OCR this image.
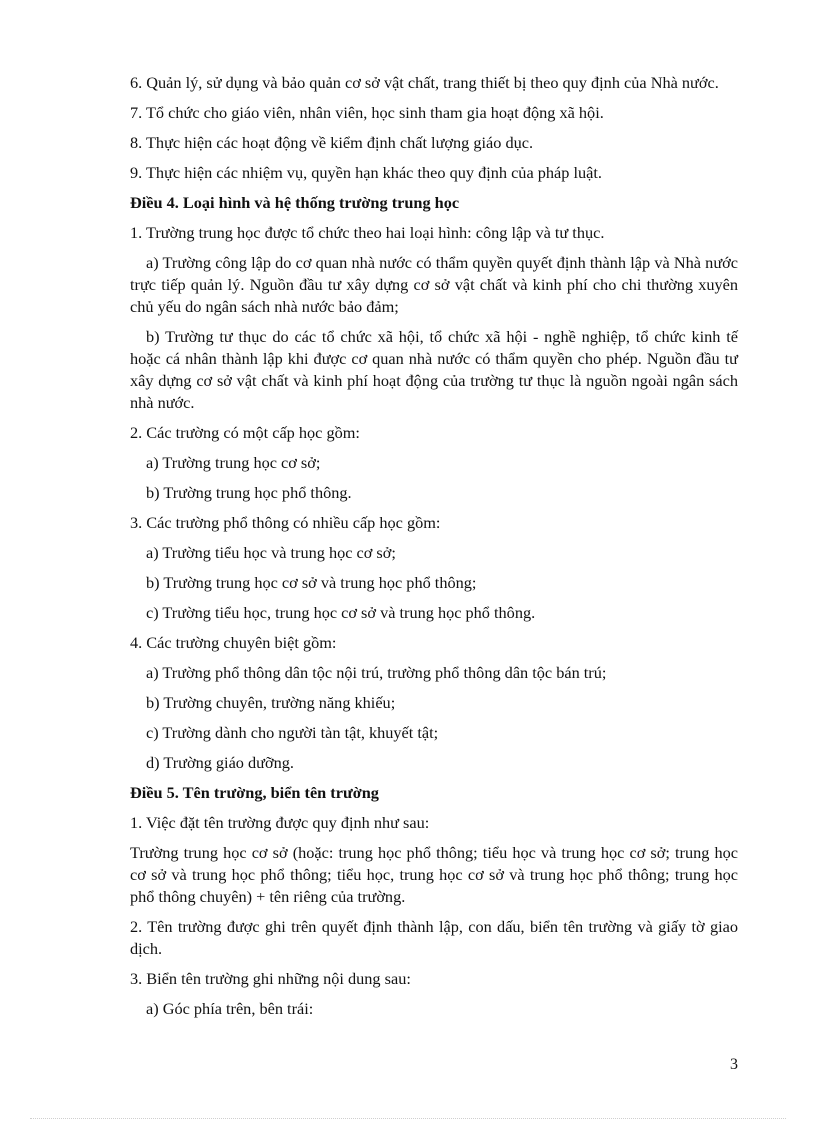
6. Quản lý, sử dụng và bảo quản cơ sở vật chất, trang thiết bị theo quy định của Nhà nước.

7. Tổ chức cho giáo viên, nhân viên, học sinh tham gia hoạt động xã hội.

8. Thực hiện các hoạt động về kiểm định chất lượng giáo dục.

9. Thực hiện các nhiệm vụ, quyền hạn khác theo quy định của pháp luật.

Điều 4. Loại hình và hệ thống trường trung học

1. Trường trung học được tổ chức theo hai loại hình: công lập và tư thục.

a) Trường công lập do cơ quan nhà nước có thẩm quyền quyết định thành lập và Nhà nước trực tiếp quản lý. Nguồn đầu tư xây dựng cơ sở vật chất và kinh phí cho chi thường xuyên chủ yếu do ngân sách nhà nước bảo đảm;

b) Trường tư thục do các tổ chức xã hội, tổ chức xã hội - nghề nghiệp, tổ chức kinh tế hoặc cá nhân thành lập khi được cơ quan nhà nước có thẩm quyền cho phép. Nguồn đầu tư xây dựng cơ sở vật chất và kinh phí hoạt động của trường tư thục là nguồn ngoài ngân sách nhà nước.

2. Các trường có một cấp học gồm:

a) Trường trung học cơ sở;

b) Trường trung học phổ thông.

3. Các trường phổ thông có nhiều cấp học gồm:

a) Trường tiểu học và trung học cơ sở;

b) Trường trung học cơ sở và trung học phổ thông;

c) Trường tiểu học, trung học cơ sở và trung học phổ thông.

4. Các trường chuyên biệt gồm:

a) Trường phổ thông dân tộc nội trú, trường phổ thông dân tộc bán trú;

b) Trường chuyên, trường năng khiếu;

c) Trường dành cho người tàn tật, khuyết tật;

d) Trường giáo dưỡng.

Điều 5. Tên trường, biển tên trường

1. Việc đặt tên trường được quy định như sau:

Trường trung học cơ sở (hoặc: trung học phổ thông; tiểu học và trung học cơ sở; trung học cơ sở và trung học phổ thông; tiểu học, trung học cơ sở và trung học phổ thông; trung học phổ thông chuyên) + tên riêng của trường.

2. Tên trường được ghi trên quyết định thành lập, con dấu, biển tên trường và giấy tờ giao dịch.

3. Biển tên trường ghi những nội dung sau:

a) Góc phía trên, bên trái:

3
